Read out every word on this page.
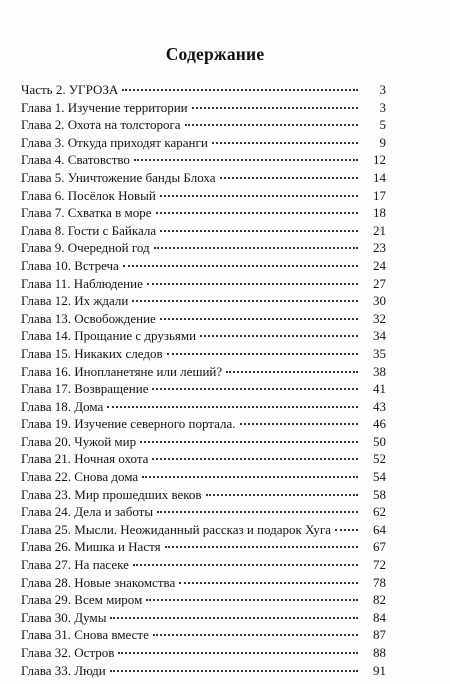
Содержание
Часть 2. УГРОЗА	3
Глава 1. Изучение территории	3
Глава 2. Охота на толсторога	5
Глава 3. Откуда приходят каранги	9
Глава 4. Сватовство	12
Глава 5. Уничтожение банды Блоха	14
Глава 6. Посёлок Новый	17
Глава 7. Схватка в море	18
Глава 8. Гости с Байкала	21
Глава 9. Очередной год	23
Глава 10. Встреча	24
Глава 11. Наблюдение	27
Глава 12. Их ждали	30
Глава 13. Освобождение	32
Глава 14. Прощание с друзьями	34
Глава 15. Никаких следов	35
Глава 16. Инопланетяне или леший?	38
Глава 17. Возвращение	41
Глава 18. Дома	43
Глава 19. Изучение северного портала.	46
Глава 20. Чужой мир	50
Глава 21. Ночная охота	52
Глава 22. Снова дома	54
Глава 23. Мир прошедших веков	58
Глава 24. Дела и заботы	62
Глава 25. Мысли. Неожиданный рассказ и подарок Хуга	64
Глава 26. Мишка и Настя	67
Глава 27. На пасеке	72
Глава 28. Новые знакомства	78
Глава 29. Всем миром	82
Глава 30. Думы	84
Глава 31. Снова вместе	87
Глава 32. Остров	88
Глава 33. Люди	91
